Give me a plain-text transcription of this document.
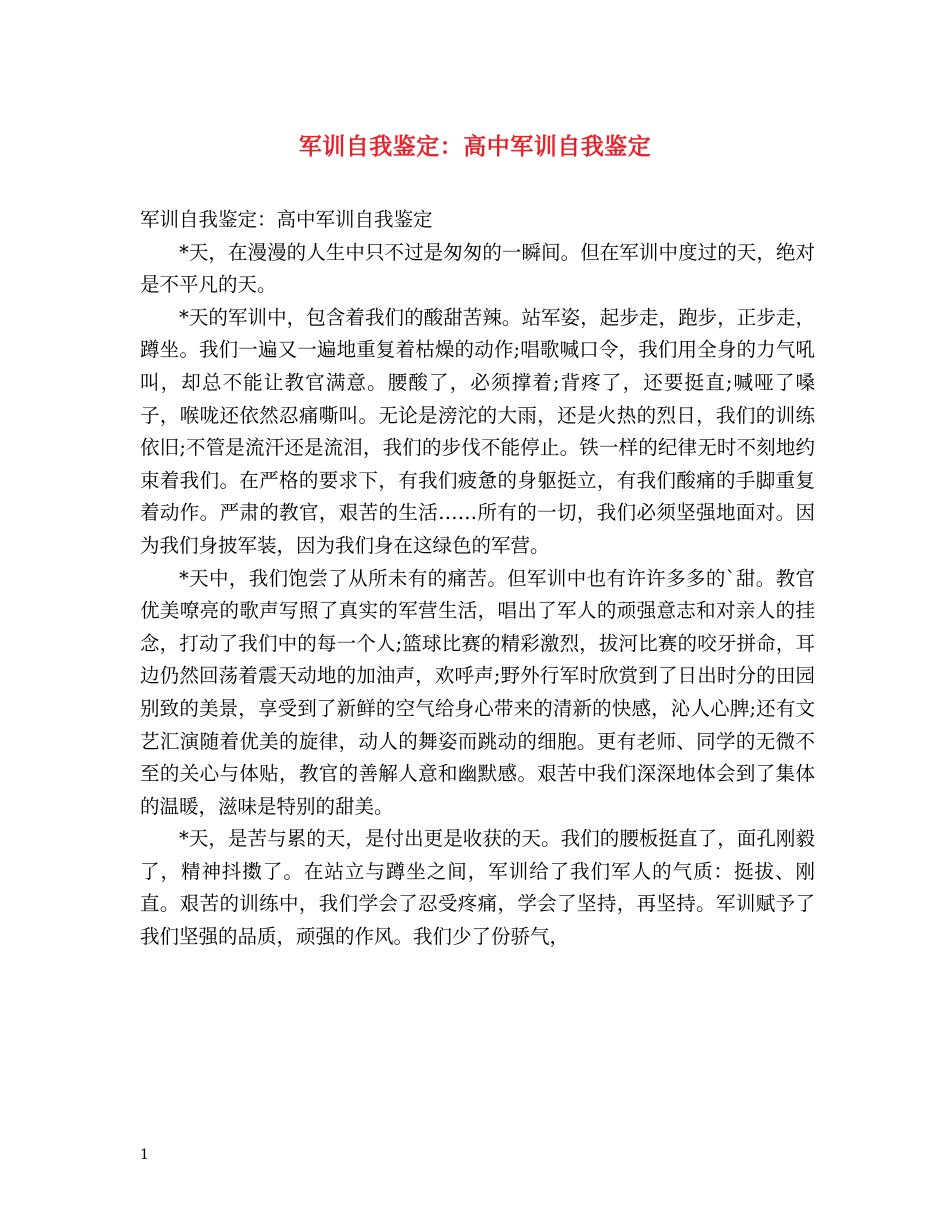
军训自我鉴定：高中军训自我鉴定

军训自我鉴定：高中军训自我鉴定

*天，在漫漫的人生中只不过是匆匆的一瞬间。但在军训中度过的天，绝对是不平凡的天。

*天的军训中，包含着我们的酸甜苦辣。站军姿，起步走，跑步，正步走，蹲坐。我们一遍又一遍地重复着枯燥的动作;唱歌喊口令，我们用全身的力气吼叫，却总不能让教官满意。腰酸了，必须撑着;背疼了，还要挺直;喊哑了嗓子，喉咙还依然忍痛嘶叫。无论是滂沱的大雨，还是火热的烈日，我们的训练依旧;不管是流汗还是流泪，我们的步伐不能停止。铁一样的纪律无时不刻地约束着我们。在严格的要求下，有我们疲惫的身躯挺立，有我们酸痛的手脚重复着动作。严肃的教官，艰苦的生活……所有的一切，我们必须坚强地面对。因为我们身披军装，因为我们身在这绿色的军营。

*天中，我们饱尝了从所未有的痛苦。但军训中也有许许多多的`甜。教官优美嘹亮的歌声写照了真实的军营生活，唱出了军人的顽强意志和对亲人的挂念，打动了我们中的每一个人;篮球比赛的精彩激烈，拔河比赛的咬牙拼命，耳边仍然回荡着震天动地的加油声，欢呼声;野外行军时欣赏到了日出时分的田园别致的美景，享受到了新鲜的空气给身心带来的清新的快感，沁人心脾;还有文艺汇演随着优美的旋律，动人的舞姿而跳动的细胞。更有老师、同学的无微不至的关心与体贴，教官的善解人意和幽默感。艰苦中我们深深地体会到了集体的温暖，滋味是特别的甜美。

*天，是苦与累的天，是付出更是收获的天。我们的腰板挺直了，面孔刚毅了，精神抖擞了。在站立与蹲坐之间，军训给了我们军人的气质：挺拔、刚直。艰苦的训练中，我们学会了忍受疼痛，学会了坚持，再坚持。军训赋予了我们坚强的品质，顽强的作风。我们少了份骄气，

1
